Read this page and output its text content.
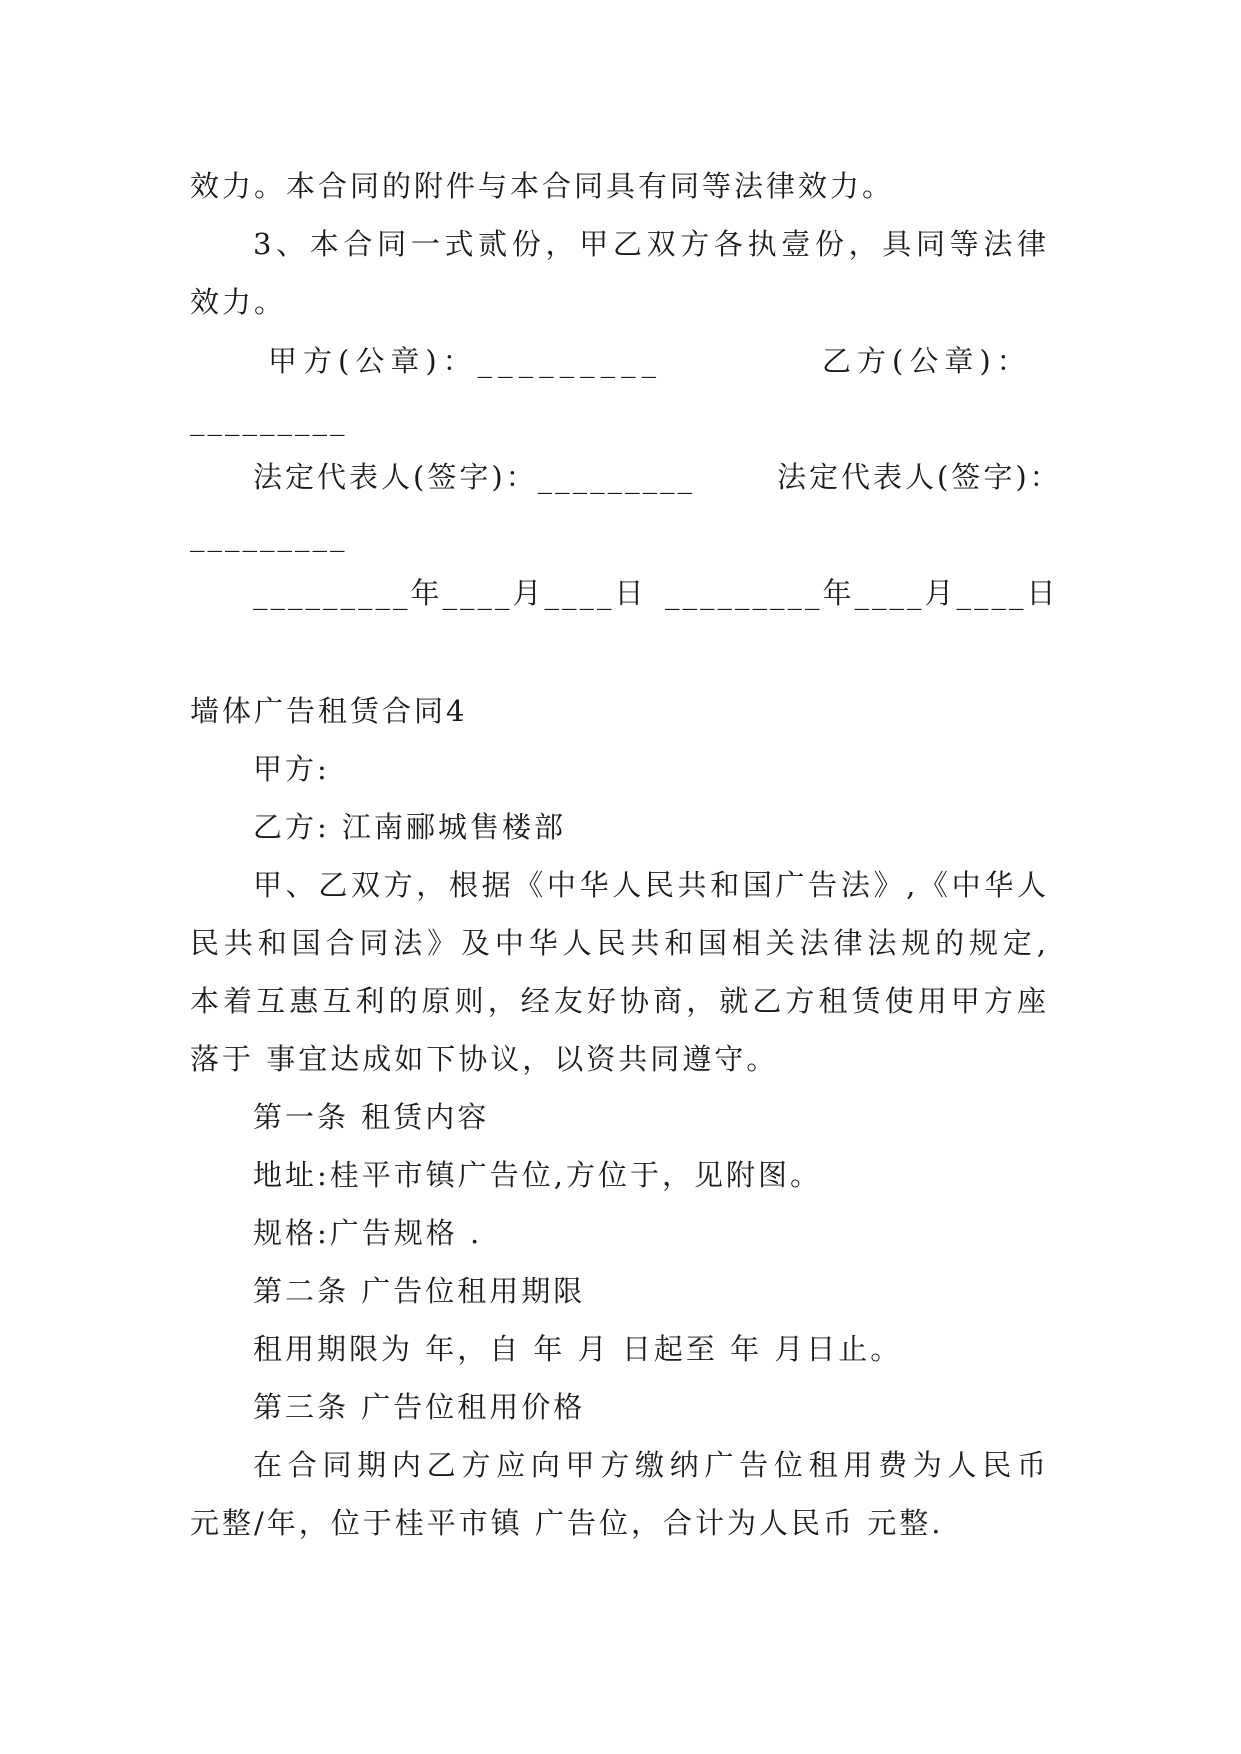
效力。本合同的附件与本合同具有同等法律效力。
3、本合同一式贰份，甲乙双方各执壹份，具同等法律
效力。
甲方(公章)：_________	乙方(公章)：
_________
法定代表人(签字)：_________	法定代表人(签字)：
_________
_________年____月____日 _________年____月____日
墙体广告租赁合同4
甲方:
乙方: 江南郦城售楼部
甲、乙双方，根据《中华人民共和国广告法》,《中华人
民共和国合同法》及中华人民共和国相关法律法规的规定,
本着互惠互利的原则，经友好协商，就乙方租赁使用甲方座
落于 事宜达成如下协议，以资共同遵守。
第一条 租赁内容
地址:桂平市镇广告位,方位于，见附图。
规格:广告规格 .
第二条 广告位租用期限
租用期限为 年，自 年 月 日起至 年 月日止。
第三条 广告位租用价格
在合同期内乙方应向甲方缴纳广告位租用费为人民币
元整/年，位于桂平市镇 广告位，合计为人民币 元整.
